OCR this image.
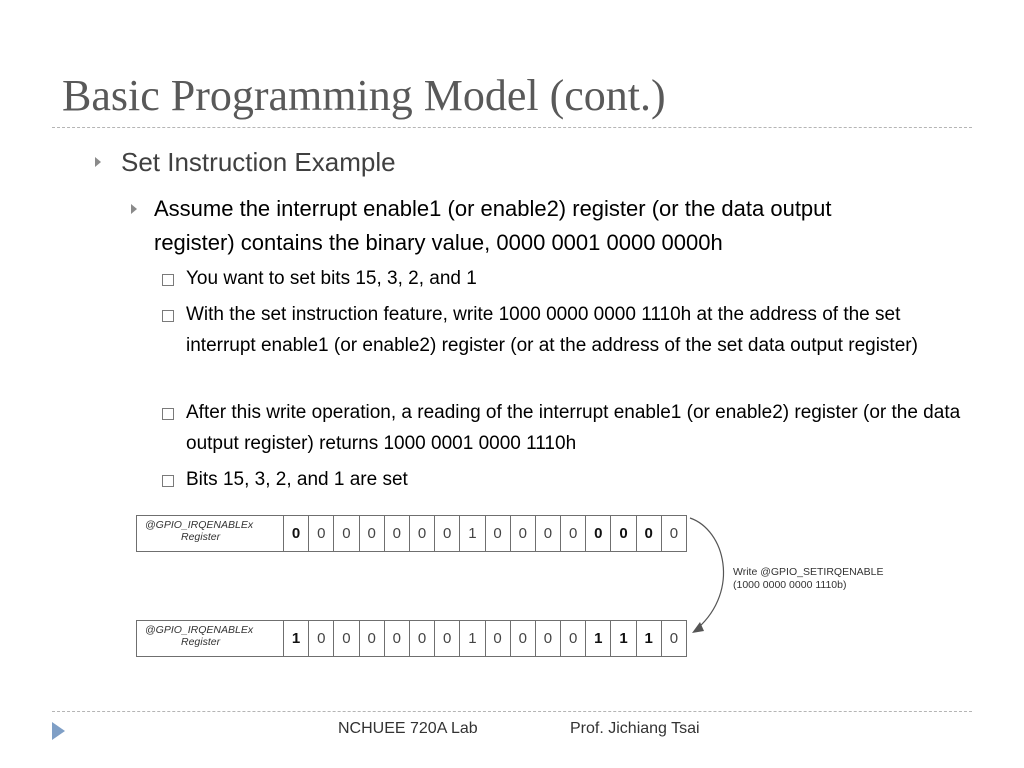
Basic Programming Model (cont.)
Set Instruction Example
Assume the interrupt enable1 (or enable2) register (or the data output register) contains the binary value, 0000 0001 0000 0000h
You want to set bits 15, 3, 2, and 1
With the set instruction feature, write 1000 0000 0000 1110h at the address of the set interrupt enable1 (or enable2) register (or at the address of the set data output register)
After this write operation, a reading of the interrupt enable1 (or enable2) register (or the data output register) returns 1000 0001 0000 1110h
Bits 15, 3, 2, and 1 are set
@GPIO_IRQENABLEx
Register	0	0	0	0	0	0	0	1	0	0	0	0	0	0	0	0
Write @GPIO_SETIRQENABLE
(1000 0000 0000 1110b)
@GPIO_IRQENABLEx
Register	1	0	0	0	0	0	0	1	0	0	0	0	1	1	1	0
NCHUEE 720A Lab	Prof. Jichiang Tsai
